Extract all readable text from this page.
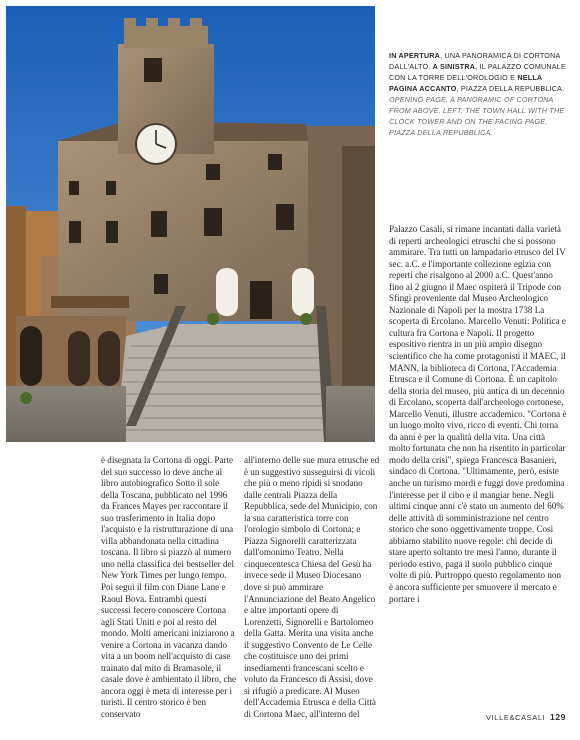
IN APERTURA, UNA PANORAMICA DI CORTONA DALL'ALTO. A SINISTRA, IL PALAZZO COMUNALE CON LA TORRE DELL'OROLOGIO E NELLA PAGINA ACCANTO, PIAZZA DELLA REPUBBLICA.
OPENING PAGE, A PANORAMIC OF CORTONA FROM ABOVE. LEFT, THE TOWN HALL WITH THE CLOCK TOWER AND ON THE FACING PAGE, PIAZZA DELLA REPUBBLICA.

è disegnata la Cortona di oggi. Parte del suo successo lo deve anche al libro autobiografico Sotto il sole della Toscana, pubblicato nel 1996 da Frances Mayes per raccontare il suo trasferimento in Italia dopo l'acquisto e la ristrutturazione di una villa abbandonata nella cittadina toscana. Il libro si piazzò al numero uno nella classifica dei bestseller del New York Times per lungo tempo. Poi seguì il film con Diane Lane e Raoul Bova. Entrambi questi successi fecero conoscere Cortona agli Stati Uniti e poi al resto del mondo. Molti americani iniziarono a venire a Cortona in vacanza dando vita a un boom nell'acquisto di case trainato dal mito di Bramasole, il casale dove è ambientato il libro, che ancora oggi è meta di interesse per i turisti. Il centro storico è ben conservato

all'interno delle sue mura etrusche ed è un suggestivo susseguirsi di vicoli che più o meno ripidi si snodano dalle centrali Piazza della Repubblica, sede del Municipio, con la sua caratteristica torre con l'orologio simbolo di Cortona; e Piazza Signorelli caratterizzata dall'omonimo Teatro. Nella cinquecentesca Chiesa del Gesù ha invece sede il Museo Diocesano dove si può ammirare l'Annunciazione del Beato Angelico e altre importanti opere di Lorenzetti, Signorelli e Bartolomeo della Gatta. Merita una visita anche il suggestivo Convento de Le Celle che costituisce uno dei primi insediamenti francescani scelto e voluto da Francesco di Assisi, dove si rifugiò a predicare. Al Museo dell'Accademia Etrusca e della Città di Cortona Maec, all'interno del

Palazzo Casali, si rimane incantati dalla varietà di reperti archeologici etruschi che si possono ammirare. Tra tutti un lampadario etrusco del IV sec. a.C. e l'importante collezione egizia con reperti che risalgono al 2000 a.C. Quest'anno fino al 2 giugno il Maec ospiterà il Tripode con Sfingi proveniente dal Museo Archeologico Nazionale di Napoli per la mostra 1738 La scoperta di Ercolano. Marcello Venuti: Politica e cultura fra Cortona e Napoli. Il progetto espositivo rientra in un più ampio disegno scientifico che ha come protagonisti il MAEC, il MANN, la biblioteca di Cortona, l'Accademia Etrusca e il Comune di Cortona. È un capitolo della storia del museo, più antica di un decennio di Ercolano, scoperta dall'archeologo cortonese, Marcello Venuti, illustre accademico. "Cortona è un luogo molto vivo, ricco di eventi. Chi torna da anni è per la qualità della vita. Una città molto fortunata che non ha risentito in particolar modo della crisi", spiega Francesca Basanieri, sindaco di Cortona. "Ultimamente, però, esiste anche un turismo mordi e fuggi dove predomina l'interesse per il cibo e il mangiar bene. Negli ultimi cinque anni c'è stato un aumento del 60% delle attività di somministrazione nel centro storico che sono oggettivamente troppe. Così abbiamo stabilito nuove regole: chi decide di stare aperto soltanto tre mesi l'anno, durante il periodo estivo, paga il suolo pubblico cinque volte di più. Purtroppo questo regolamento non è ancora sufficiente per smuovere il mercato e portare i

VILLE&CASALI 129
